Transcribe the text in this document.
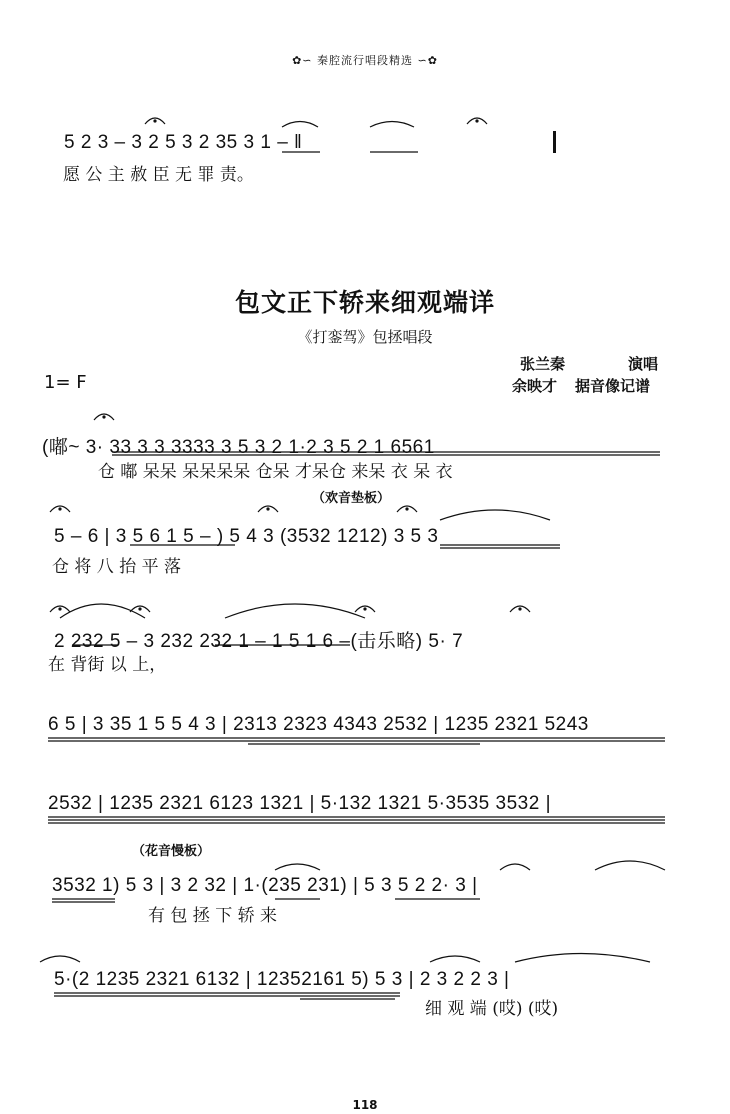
✿∽ 秦腔流行唱段精选 ∽✿
5 2 3 – 3 2 5 3 2 35 3 1 – ‖
愿 公 主 赦 臣 无 罪 责。
包文正下轿来细观端详
《打銮驾》包拯唱段
张兰秦	演唱
余映才 据音像记谱
1= F
(嘟~ 3· 33 3 3 3333 3 5 3 2 1·2 3 5 2 1 6561
仓 嘟 呆呆 呆呆呆呆 仓呆 才呆仓 来呆 衣 呆 衣
（欢音垫板）
5 – 6 | 3 5 6 1 5 – ) 5 4 3 (3532 1212) 3 5 3
仓 将 八 抬 平 落
2 232 5 – 3 232 232 1 – 1 5 1 6 –(击乐略) 5· 7
在 背街 以 上，
6 5 | 3 35 1 5 5 4 3 | 2313 2323 4343 2532 | 1235 2321 5243
2532 | 1235 2321 6123 1321 | 5·132 1321 5·3535 3532 |
（花音慢板）
3532 1) 5 3 | 3 2 32 | 1·(235 231) | 5 3 5 2 2· 3 |
有 包 拯 下 轿 来
5·(2 1235 2321 6132 | 12352161 5) 5 3 | 2 3 2 2 3 |
细 观 端 (哎) (哎)
118
